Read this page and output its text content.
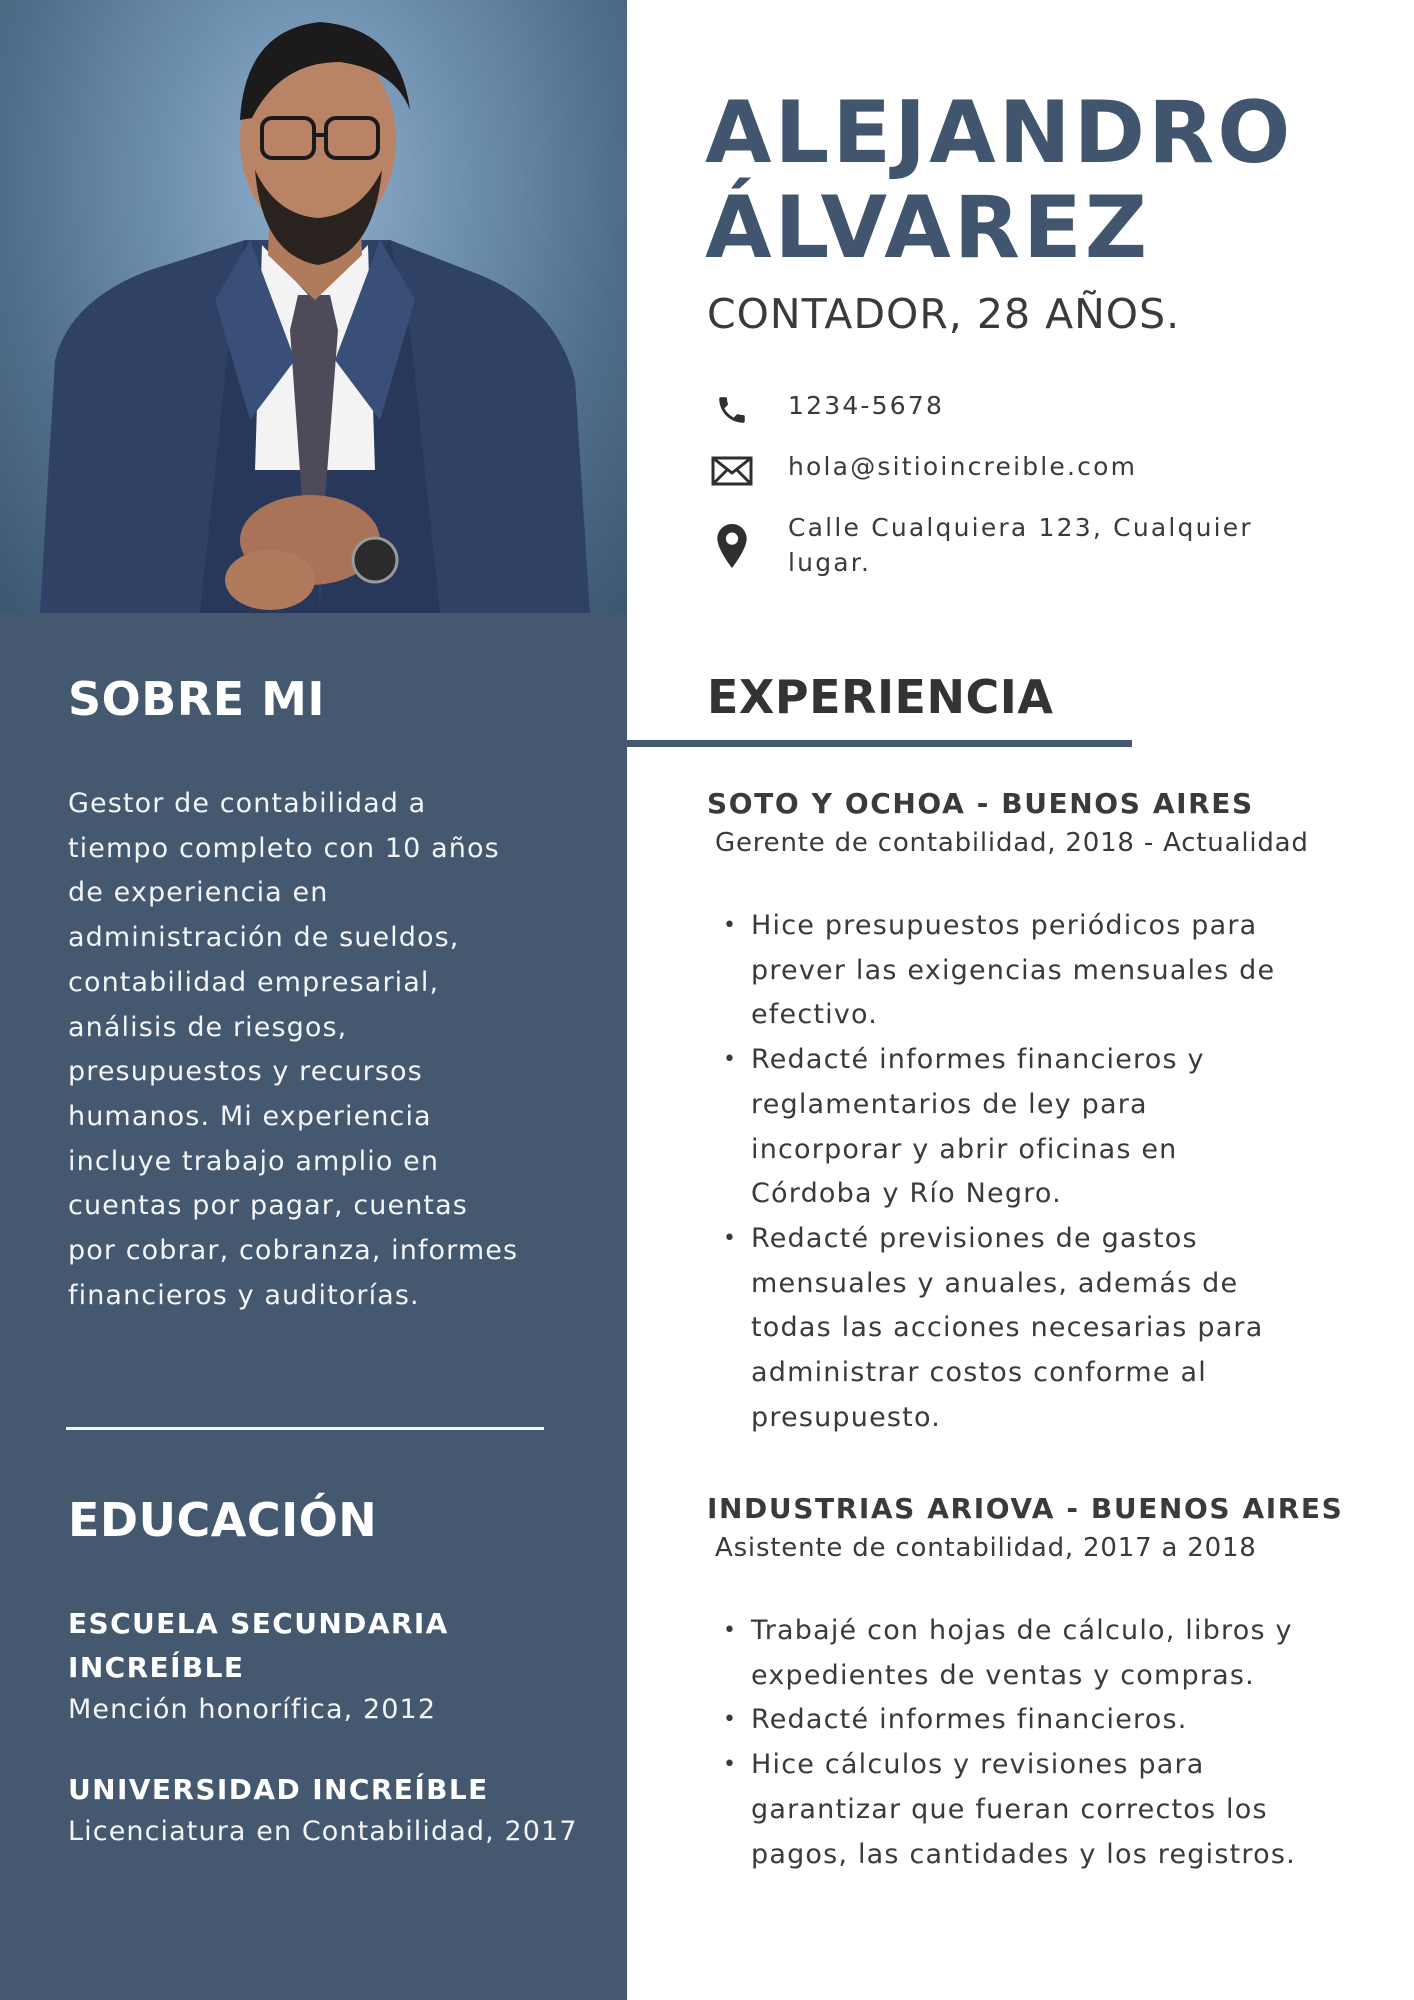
SOBRE MI
Gestor de contabilidad a
tiempo completo con 10 años
de experiencia en
administración de sueldos,
contabilidad empresarial,
análisis de riesgos,
presupuestos y recursos
humanos. Mi experiencia
incluye trabajo amplio en
cuentas por pagar, cuentas
por cobrar, cobranza, informes
financieros y auditorías.
EDUCACIÓN
ESCUELA SECUNDARIA
INCREÍBLE
Mención honorífica, 2012
UNIVERSIDAD INCREÍBLE
Licenciatura en Contabilidad, 2017
ALEJANDRO
ÁLVAREZ
CONTADOR, 28 AÑOS.
1234-5678
hola@sitioincreible.com
Calle Cualquiera 123, Cualquier
lugar.
EXPERIENCIA
SOTO Y OCHOA - BUENOS AIRES
Gerente de contabilidad, 2018 - Actualidad
• Hice presupuestos periódicos para
prever las exigencias mensuales de
efectivo.
• Redacté informes financieros y
reglamentarios de ley para
incorporar y abrir oficinas en
Córdoba y Río Negro.
• Redacté previsiones de gastos
mensuales y anuales, además de
todas las acciones necesarias para
administrar costos conforme al
presupuesto.
INDUSTRIAS ARIOVA - BUENOS AIRES
Asistente de contabilidad, 2017 a 2018
• Trabajé con hojas de cálculo, libros y
expedientes de ventas y compras.
• Redacté informes financieros.
• Hice cálculos y revisiones para
garantizar que fueran correctos los
pagos, las cantidades y los registros.
